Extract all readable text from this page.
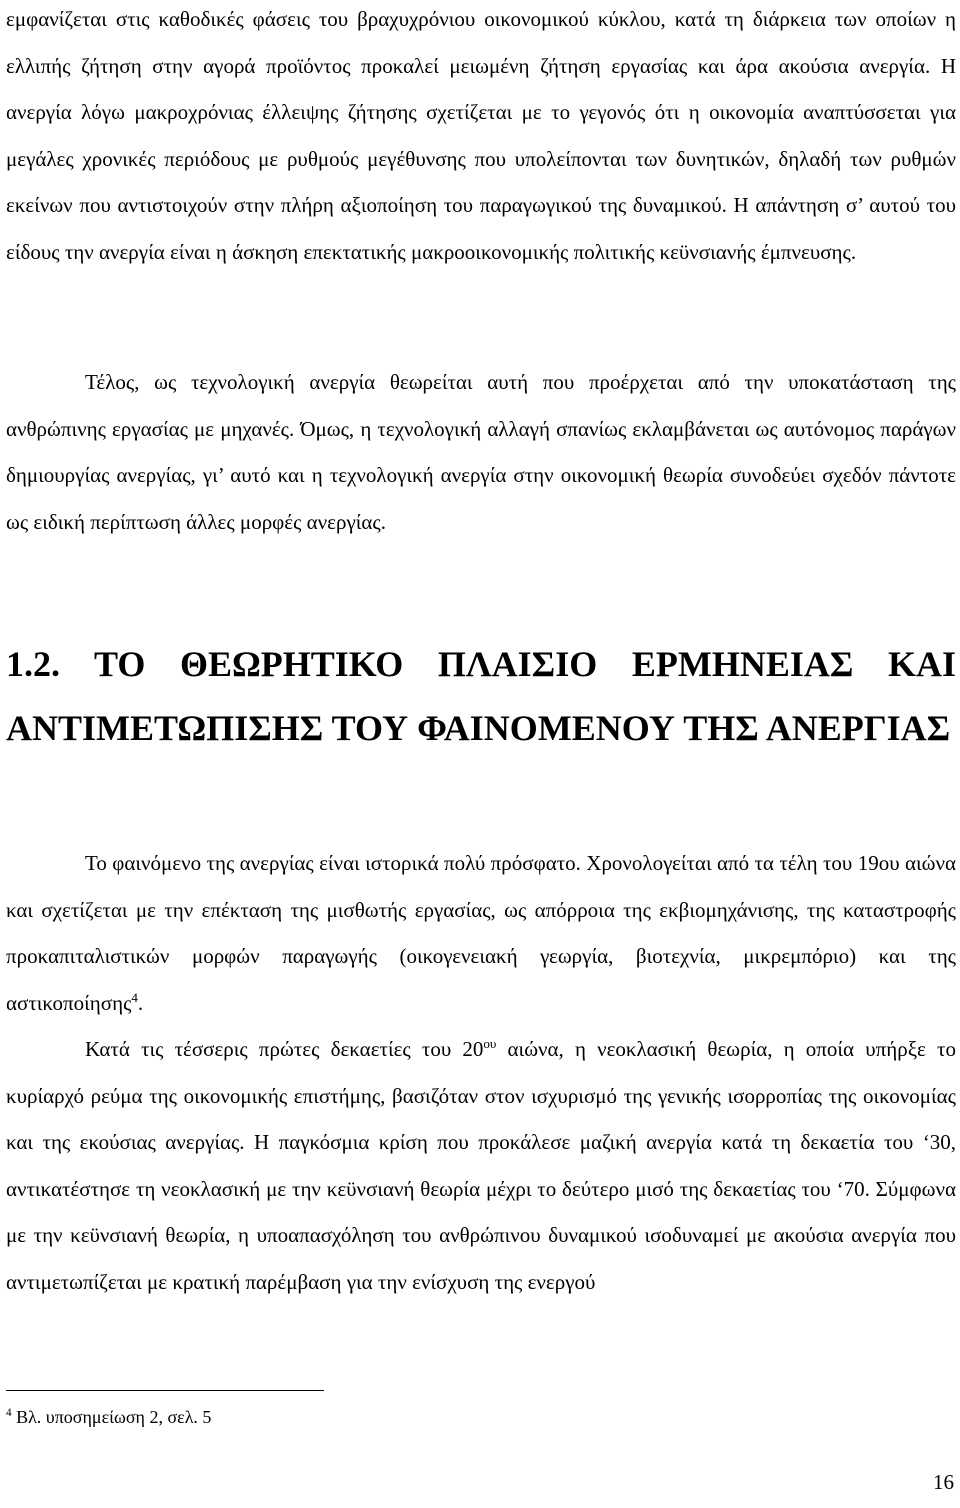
εμφανίζεται στις καθοδικές φάσεις του βραχυχρόνιου οικονομικού κύκλου, κατά τη διάρκεια των οποίων η ελλιπής ζήτηση στην αγορά προϊόντος προκαλεί μειωμένη ζήτηση εργασίας και άρα ακούσια ανεργία. Η ανεργία λόγω μακροχρόνιας έλλειψης ζήτησης σχετίζεται με το γεγονός ότι η οικονομία αναπτύσσεται για μεγάλες χρονικές περιόδους με ρυθμούς μεγέθυνσης που υπολείπονται των δυνητικών, δηλαδή των ρυθμών εκείνων που αντιστοιχούν στην πλήρη αξιοποίηση του παραγωγικού της δυναμικού. Η απάντηση σ’ αυτού του είδους την ανεργία είναι η άσκηση επεκτατικής μακροοικονομικής πολιτικής κεϋνσιανής έμπνευσης.

Τέλος, ως τεχνολογική ανεργία θεωρείται αυτή που προέρχεται από την υποκατάσταση της ανθρώπινης εργασίας με μηχανές. Όμως, η τεχνολογική αλλαγή σπανίως εκλαμβάνεται ως αυτόνομος παράγων δημιουργίας ανεργίας, γι’ αυτό και η τεχνολογική ανεργία στην οικονομική θεωρία συνοδεύει σχεδόν πάντοτε ως ειδική περίπτωση άλλες μορφές ανεργίας.

1.2. ΤΟ ΘΕΩΡΗΤΙΚΟ ΠΛΑΙΣΙΟ ΕΡΜΗΝΕΙΑΣ ΚΑΙ ΑΝΤΙΜΕΤΩΠΙΣΗΣ ΤΟΥ ΦΑΙΝΟΜΕΝΟΥ ΤΗΣ ΑΝΕΡΓΙΑΣ

Το φαινόμενο της ανεργίας είναι ιστορικά πολύ πρόσφατο. Χρονολογείται από τα τέλη του 19ου αιώνα και σχετίζεται με την επέκταση της μισθωτής εργασίας, ως απόρροια της εκβιομηχάνισης, της καταστροφής προκαπιταλιστικών μορφών παραγωγής (οικογενειακή γεωργία, βιοτεχνία, μικρεμπόριο) και της αστικοποίησης$^4$.

Κατά τις τέσσερις πρώτες δεκαετίες του $20^{o\upsilon}$ αιώνα, η νεοκλασική θεωρία, η οποία υπήρξε το κυρίαρχό ρεύμα της οικονομικής επιστήμης, βασιζόταν στον ισχυρισμό της γενικής ισορροπίας της οικονομίας και της εκούσιας ανεργίας. Η παγκόσμια κρίση που προκάλεσε μαζική ανεργία κατά τη δεκαετία του ‘30, αντικατέστησε τη νεοκλασική με την κεϋνσιανή θεωρία μέχρι το δεύτερο μισό της δεκαετίας του ‘70. Σύμφωνα με την κεϋνσιανή θεωρία, η υποαπασχόληση του ανθρώπινου δυναμικού ισοδυναμεί με ακούσια ανεργία που αντιμετωπίζεται με κρατική παρέμβαση για την ενίσχυση της ενεργού

$^4$ Βλ. υποσημείωση 2, σελ. 5

16
